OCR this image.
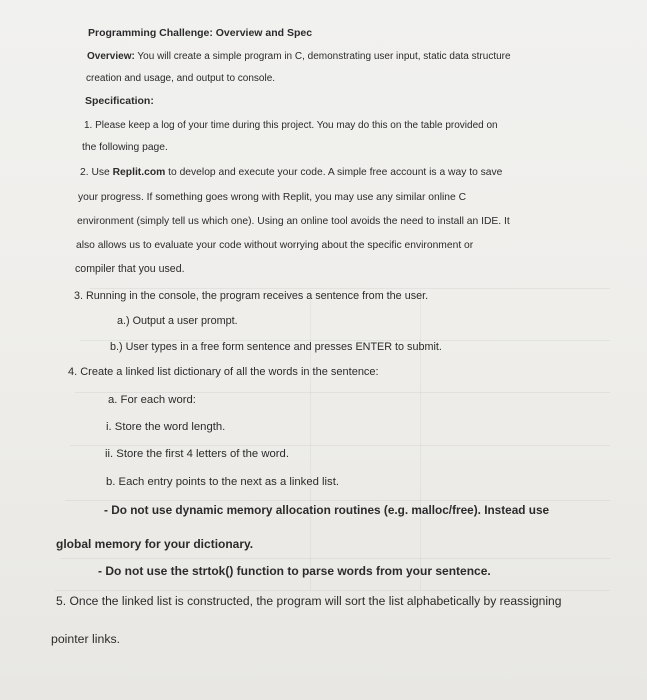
Programming Challenge: Overview and Spec
Overview: You will create a simple program in C, demonstrating user input, static data structure
creation and usage, and output to console.
Specification:
1. Please keep a log of your time during this project. You may do this on the table provided on
the following page.
2. Use Replit.com to develop and execute your code. A simple free account is a way to save
your progress. If something goes wrong with Replit, you may use any similar online C
environment (simply tell us which one). Using an online tool avoids the need to install an IDE. It
also allows us to evaluate your code without worrying about the specific environment or
compiler that you used.
3. Running in the console, the program receives a sentence from the user.
a.) Output a user prompt.
b.) User types in a free form sentence and presses ENTER to submit.
4. Create a linked list dictionary of all the words in the sentence:
a. For each word:
i. Store the word length.
ii. Store the first 4 letters of the word.
b. Each entry points to the next as a linked list.
- Do not use dynamic memory allocation routines (e.g. malloc/free). Instead use
global memory for your dictionary.
- Do not use the strtok() function to parse words from your sentence.
5. Once the linked list is constructed, the program will sort the list alphabetically by reassigning
pointer links.
